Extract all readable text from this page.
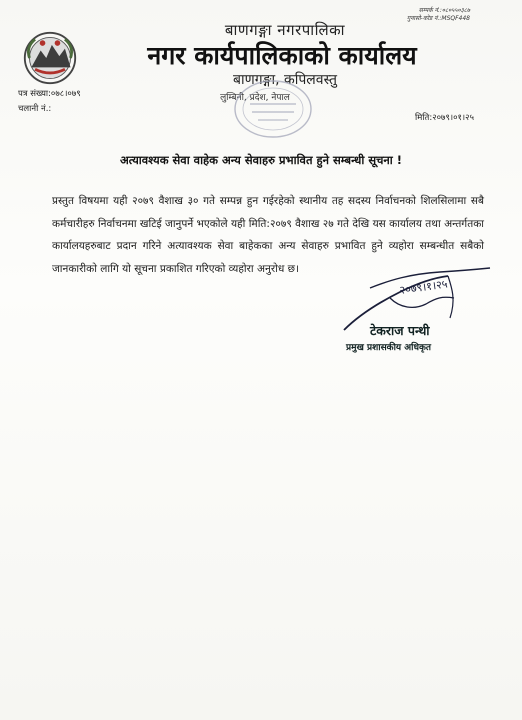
सम्पर्क नं.:०८०५५०३८७
गुनासो-कोड नं.:MSQF448
बाणगङ्गा नगरपालिका
नगर कार्यपालिकाको कार्यालय
बाणगङ्गा, कपिलवस्तु
लुम्बिनी, प्रदेश, नेपाल
पत्र संख्या:०७८।०७९
चलानी नं.:
मिति:२०७९।०१।२५
अत्यावश्यक सेवा वाहेक अन्य सेवाहरु प्रभावित हुने सम्बन्धी सूचना !
प्रस्तुत विषयमा यही २०७९ वैशाख ३० गते सम्पन्न हुन गईरहेको स्थानीय तह सदस्य निर्वाचनको शिलसिलामा सबै कर्मचारीहरु निर्वाचनमा खटिई जानुपर्ने भएकोले यही मिति:२०७९ वैशाख २७ गते देखि यस कार्यालय तथा अन्तर्गतका कार्यालयहरुबाट प्रदान गरिने अत्यावश्यक सेवा बाहेकका अन्य सेवाहरु प्रभावित हुने व्यहोरा सम्बन्धीत सबैको जानकारीको लागि यो सूचना प्रकाशित गरिएको व्यहोरा अनुरोध छ।
२०७९।१।२५
टेकराज पन्थी
प्रमुख प्रशासकीय अधिकृत
